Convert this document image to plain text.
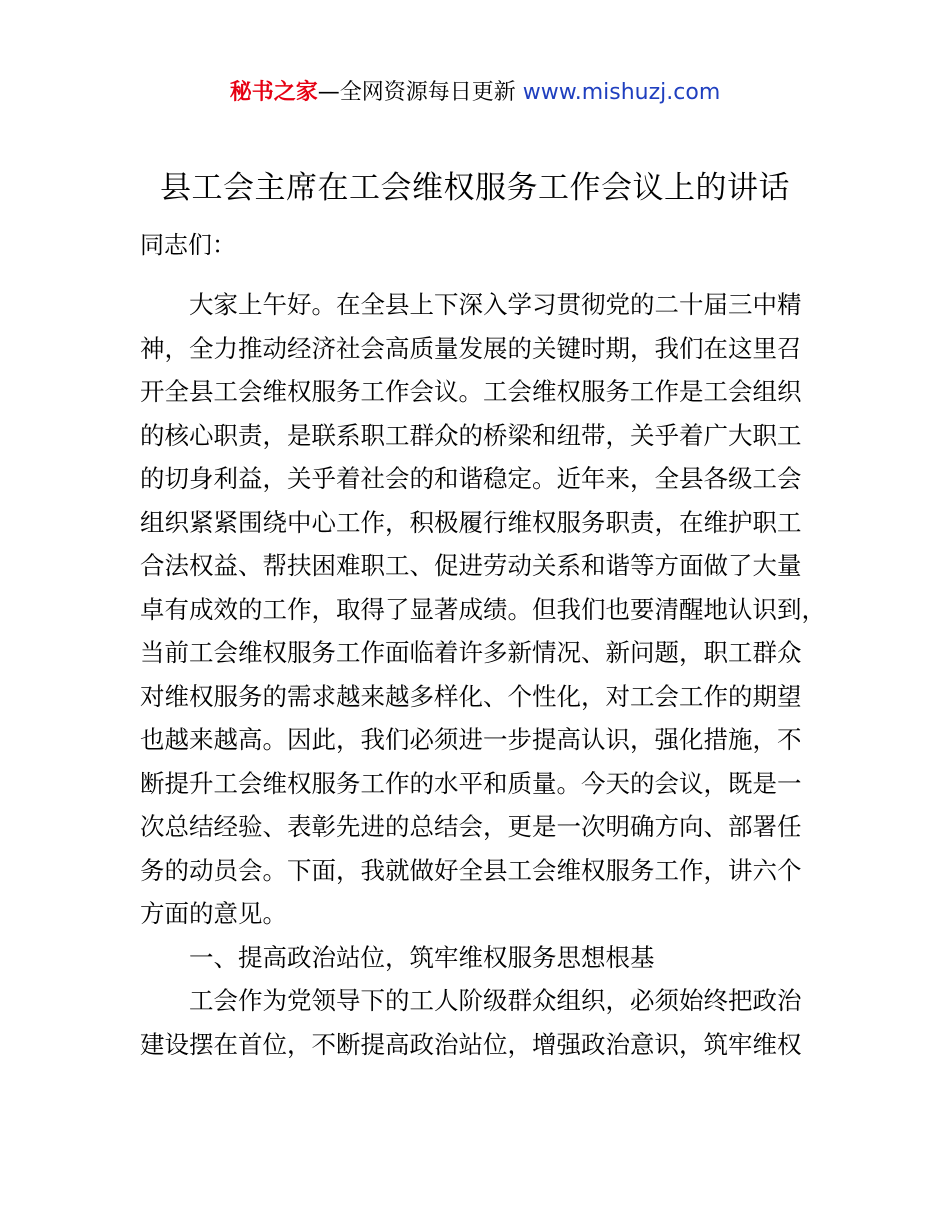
秘书之家—全网资源每日更新 www.mishuzj.com
县工会主席在工会维权服务工作会议上的讲话
同志们：
大家上午好。在全县上下深入学习贯彻党的二十届三中精
神，全力推动经济社会高质量发展的关键时期，我们在这里召
开全县工会维权服务工作会议。工会维权服务工作是工会组织
的核心职责，是联系职工群众的桥梁和纽带，关乎着广大职工
的切身利益，关乎着社会的和谐稳定。近年来，全县各级工会
组织紧紧围绕中心工作，积极履行维权服务职责，在维护职工
合法权益、帮扶困难职工、促进劳动关系和谐等方面做了大量
卓有成效的工作，取得了显著成绩。但我们也要清醒地认识到，
当前工会维权服务工作面临着许多新情况、新问题，职工群众
对维权服务的需求越来越多样化、个性化，对工会工作的期望
也越来越高。因此，我们必须进一步提高认识，强化措施，不
断提升工会维权服务工作的水平和质量。今天的会议，既是一
次总结经验、表彰先进的总结会，更是一次明确方向、部署任
务的动员会。下面，我就做好全县工会维权服务工作，讲六个
方面的意见。
一、提高政治站位，筑牢维权服务思想根基
工会作为党领导下的工人阶级群众组织，必须始终把政治
建设摆在首位，不断提高政治站位，增强政治意识，筑牢维权
